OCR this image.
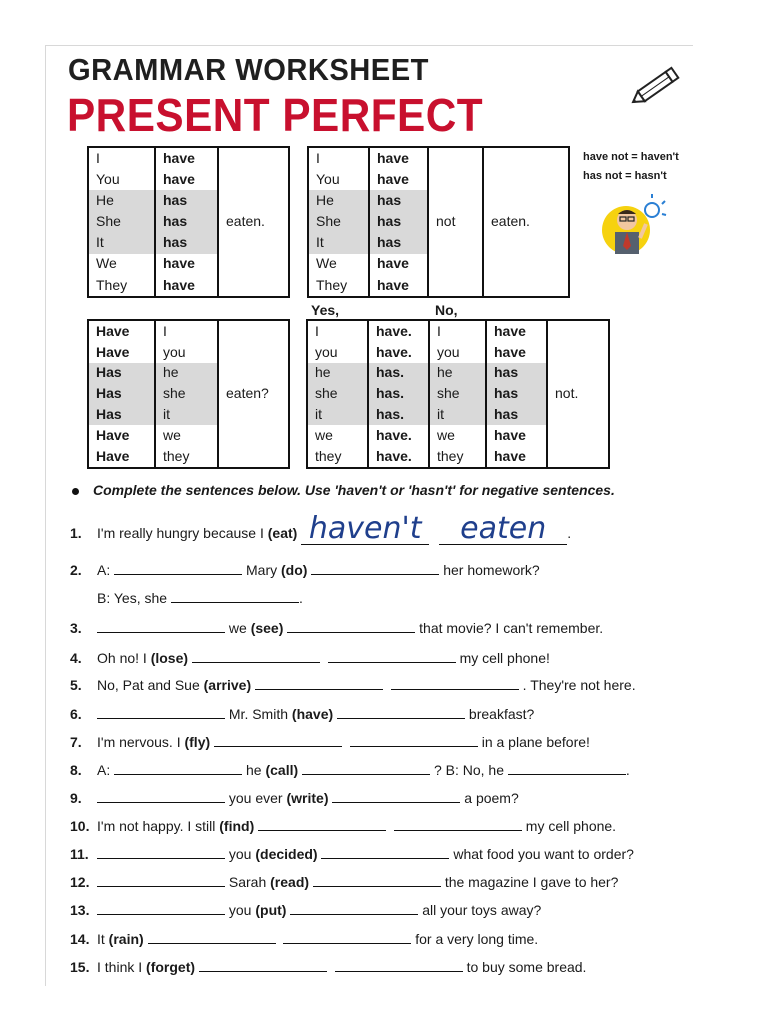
GRAMMAR WORKSHEET
PRESENT PERFECT
have not = haven't
has not = hasn't
I	have	eaten.
You	have	
He	has	
She	has	
It	has	
We	have	
They	have	
I	have	not	eaten.
You	have		
He	has		
She	has		
It	has		
We	have		
They	have		
Yes,	No,
Have	I	eaten?
Have	you	
Has	he	
Has	she	
Has	it	
Have	we	
Have	they	
I	have.	I	have	not.
you	have.	you	have	
he	has.	he	has	
she	has.	she	has	
it	has.	it	has	
we	have.	we	have	
they	have.	they	have	
Complete the sentences below. Use 'haven't or 'hasn't' for negative sentences.
1. I'm really hungry because I (eat) haven't eaten .
2. A:	Mary (do)	her homework?
B: Yes, she	.
3.	we (see)	that movie? I can't remember.
4. Oh no! I (lose)	my cell phone!
5. No, Pat and Sue (arrive)	. They're not here.
6.	Mr. Smith (have)	breakfast?
7. I'm nervous. I (fly)	in a plane before!
8. A:	he (call)	? B: No, he	.
9.	you ever (write)	a poem?
10. I'm not happy. I still (find)	my cell phone.
11.	you (decided)	what food you want to order?
12.	Sarah (read)	the magazine I gave to her?
13.	you (put)	all your toys away?
14. It (rain)	for a very long time.
15. I think I (forget)	to buy some bread.
